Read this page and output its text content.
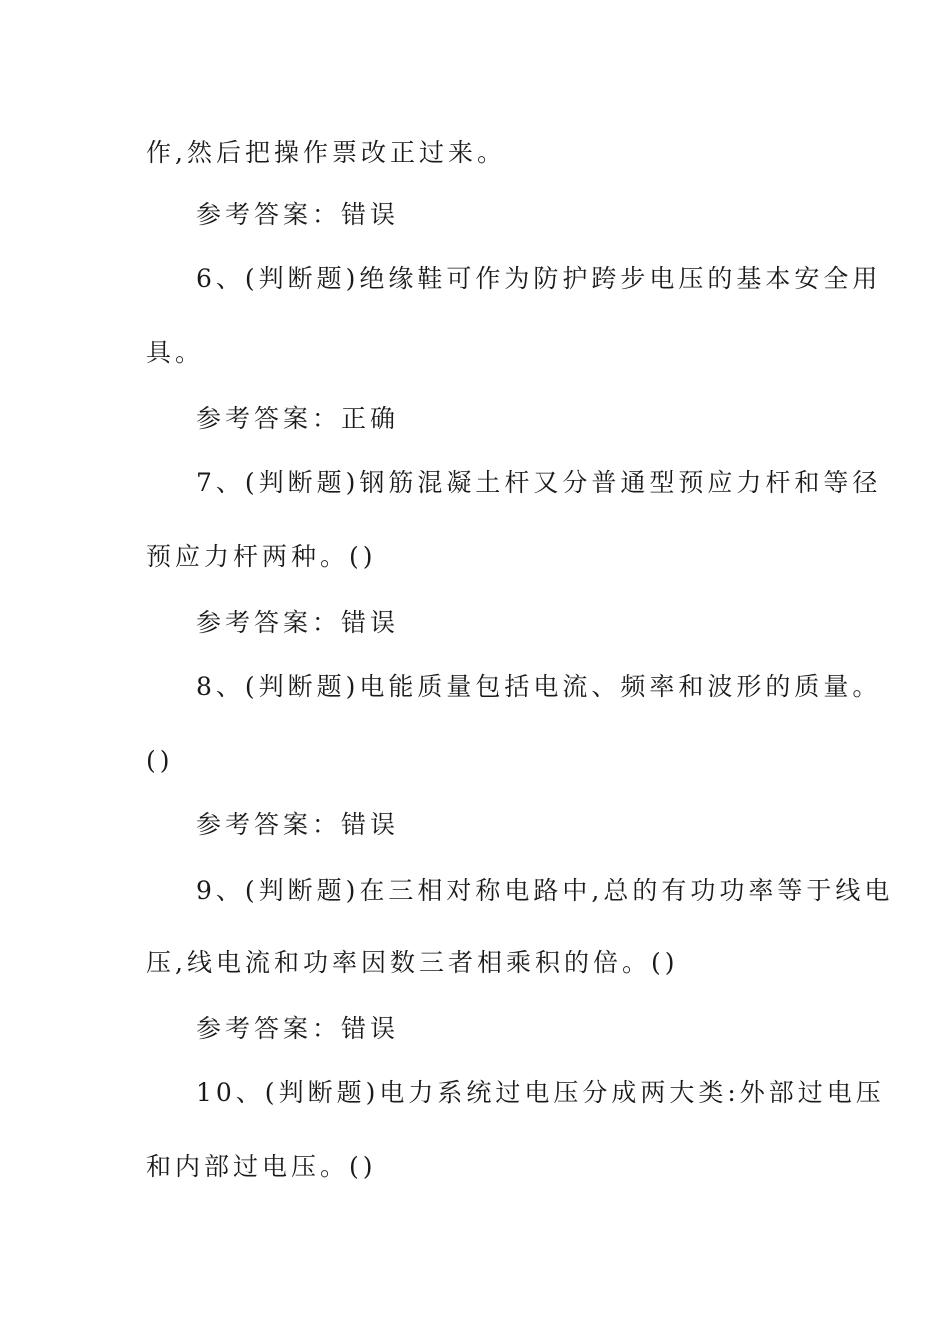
作,然后把操作票改正过来。
参考答案：错误
6、(判断题)绝缘鞋可作为防护跨步电压的基本安全用
具。
参考答案：正确
7、(判断题)钢筋混凝土杆又分普通型预应力杆和等径
预应力杆两种。()
参考答案：错误
8、(判断题)电能质量包括电流、频率和波形的质量。
()
参考答案：错误
9、(判断题)在三相对称电路中,总的有功功率等于线电
压,线电流和功率因数三者相乘积的倍。()
参考答案：错误
10、(判断题)电力系统过电压分成两大类:外部过电压
和内部过电压。()
